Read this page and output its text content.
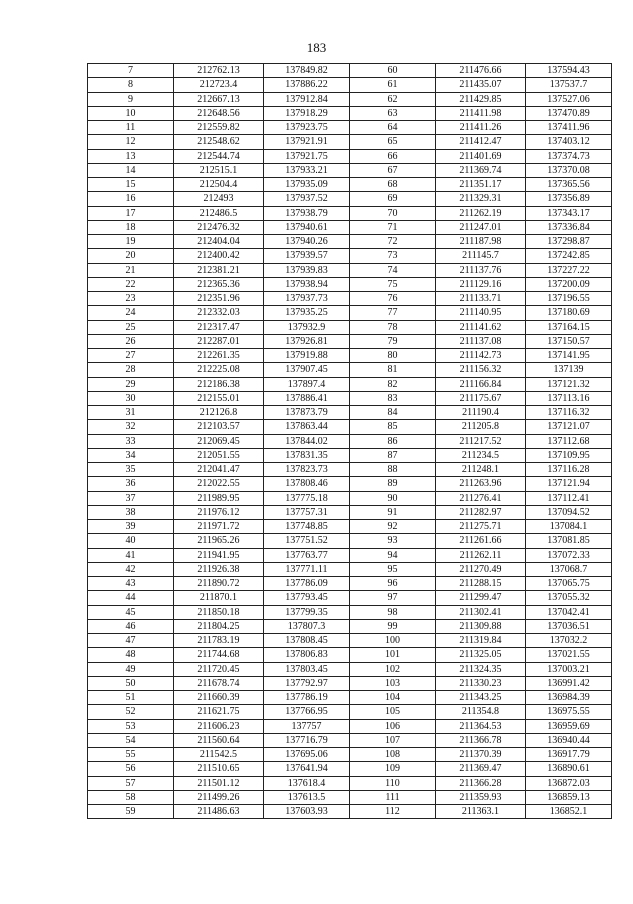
183
7	212762.13	137849.82	60	211476.66	137594.43
8	212723.4	137886.22	61	211435.07	137537.7
9	212667.13	137912.84	62	211429.85	137527.06
10	212648.56	137918.29	63	211411.98	137470.89
11	212559.82	137923.75	64	211411.26	137411.96
12	212548.62	137921.91	65	211412.47	137403.12
13	212544.74	137921.75	66	211401.69	137374.73
14	212515.1	137933.21	67	211369.74	137370.08
15	212504.4	137935.09	68	211351.17	137365.56
16	212493	137937.52	69	211329.31	137356.89
17	212486.5	137938.79	70	211262.19	137343.17
18	212476.32	137940.61	71	211247.01	137336.84
19	212404.04	137940.26	72	211187.98	137298.87
20	212400.42	137939.57	73	211145.7	137242.85
21	212381.21	137939.83	74	211137.76	137227.22
22	212365.36	137938.94	75	211129.16	137200.09
23	212351.96	137937.73	76	211133.71	137196.55
24	212332.03	137935.25	77	211140.95	137180.69
25	212317.47	137932.9	78	211141.62	137164.15
26	212287.01	137926.81	79	211137.08	137150.57
27	212261.35	137919.88	80	211142.73	137141.95
28	212225.08	137907.45	81	211156.32	137139
29	212186.38	137897.4	82	211166.84	137121.32
30	212155.01	137886.41	83	211175.67	137113.16
31	212126.8	137873.79	84	211190.4	137116.32
32	212103.57	137863.44	85	211205.8	137121.07
33	212069.45	137844.02	86	211217.52	137112.68
34	212051.55	137831.35	87	211234.5	137109.95
35	212041.47	137823.73	88	211248.1	137116.28
36	212022.55	137808.46	89	211263.96	137121.94
37	211989.95	137775.18	90	211276.41	137112.41
38	211976.12	137757.31	91	211282.97	137094.52
39	211971.72	137748.85	92	211275.71	137084.1
40	211965.26	137751.52	93	211261.66	137081.85
41	211941.95	137763.77	94	211262.11	137072.33
42	211926.38	137771.11	95	211270.49	137068.7
43	211890.72	137786.09	96	211288.15	137065.75
44	211870.1	137793.45	97	211299.47	137055.32
45	211850.18	137799.35	98	211302.41	137042.41
46	211804.25	137807.3	99	211309.88	137036.51
47	211783.19	137808.45	100	211319.84	137032.2
48	211744.68	137806.83	101	211325.05	137021.55
49	211720.45	137803.45	102	211324.35	137003.21
50	211678.74	137792.97	103	211330.23	136991.42
51	211660.39	137786.19	104	211343.25	136984.39
52	211621.75	137766.95	105	211354.8	136975.55
53	211606.23	137757	106	211364.53	136959.69
54	211560.64	137716.79	107	211366.78	136940.44
55	211542.5	137695.06	108	211370.39	136917.79
56	211510.65	137641.94	109	211369.47	136890.61
57	211501.12	137618.4	110	211366.28	136872.03
58	211499.26	137613.5	111	211359.93	136859.13
59	211486.63	137603.93	112	211363.1	136852.1
